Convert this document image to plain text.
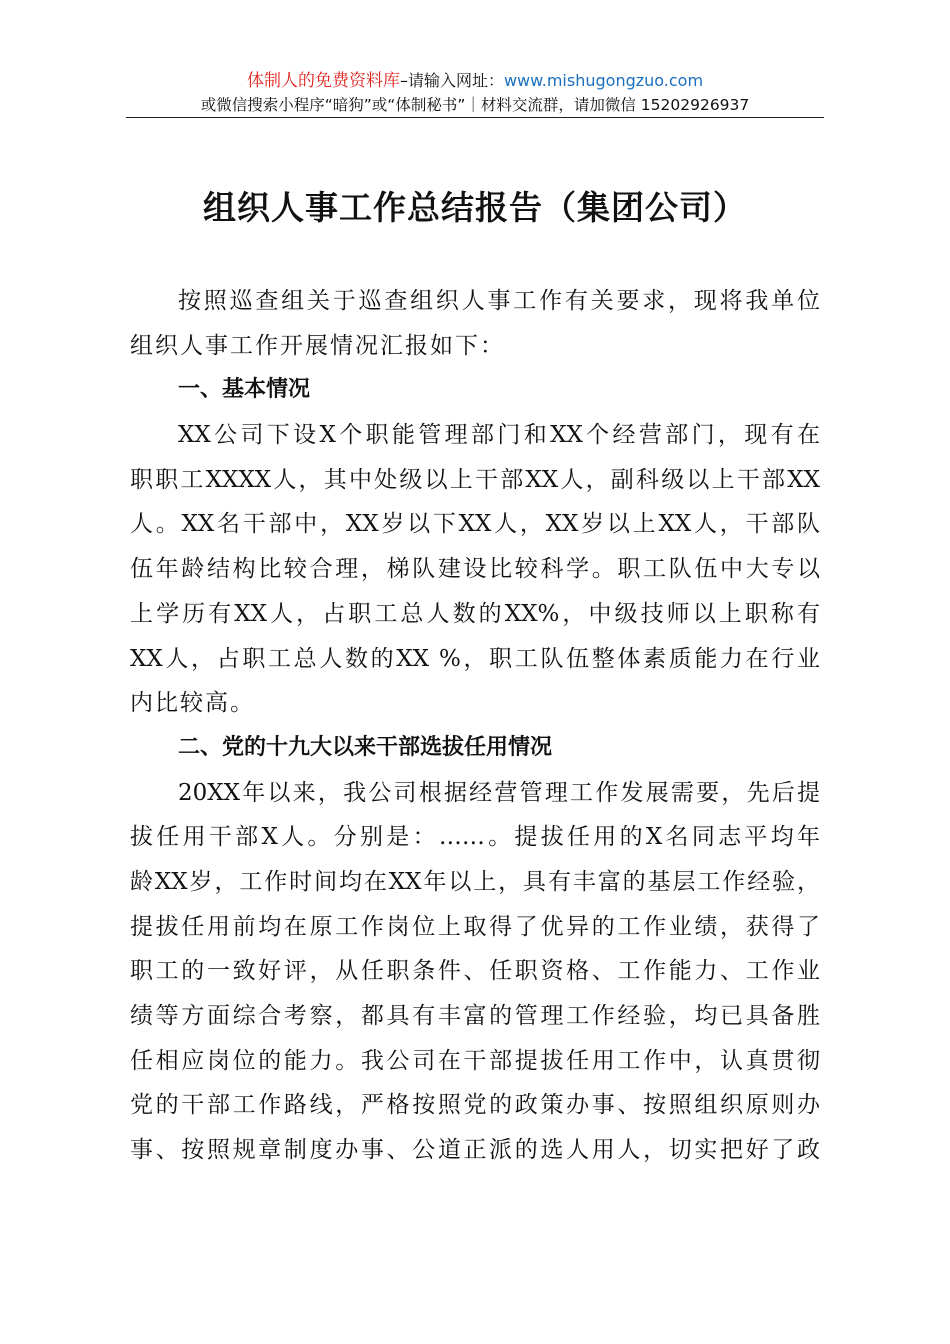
体制人的免费资料库–请输入网址：www.mishugongzuo.com
或微信搜索小程序“暗狗”或“体制秘书”｜材料交流群，请加微信 15202926937
组织人事工作总结报告（集团公司）
按照巡查组关于巡查组织人事工作有关要求，现将我单位
组织人事工作开展情况汇报如下：
一、基本情况
XX公司下设X个职能管理部门和XX个经营部门，现有在
职职工XXXX人，其中处级以上干部XX人，副科级以上干部XX
人。XX名干部中，XX岁以下XX人，XX岁以上XX人，干部队
伍年龄结构比较合理，梯队建设比较科学。职工队伍中大专以
上学历有XX人，占职工总人数的XX%，中级技师以上职称有
XX人，占职工总人数的XX %，职工队伍整体素质能力在行业
内比较高。
二、党的十九大以来干部选拔任用情况
20XX年以来，我公司根据经营管理工作发展需要，先后提
拔任用干部X人。分别是：……。提拔任用的X名同志平均年
龄XX岁，工作时间均在XX年以上，具有丰富的基层工作经验，
提拔任用前均在原工作岗位上取得了优异的工作业绩，获得了
职工的一致好评，从任职条件、任职资格、工作能力、工作业
绩等方面综合考察，都具有丰富的管理工作经验，均已具备胜
任相应岗位的能力。我公司在干部提拔任用工作中，认真贯彻
党的干部工作路线，严格按照党的政策办事、按照组织原则办
事、按照规章制度办事、公道正派的选人用人，切实把好了政
